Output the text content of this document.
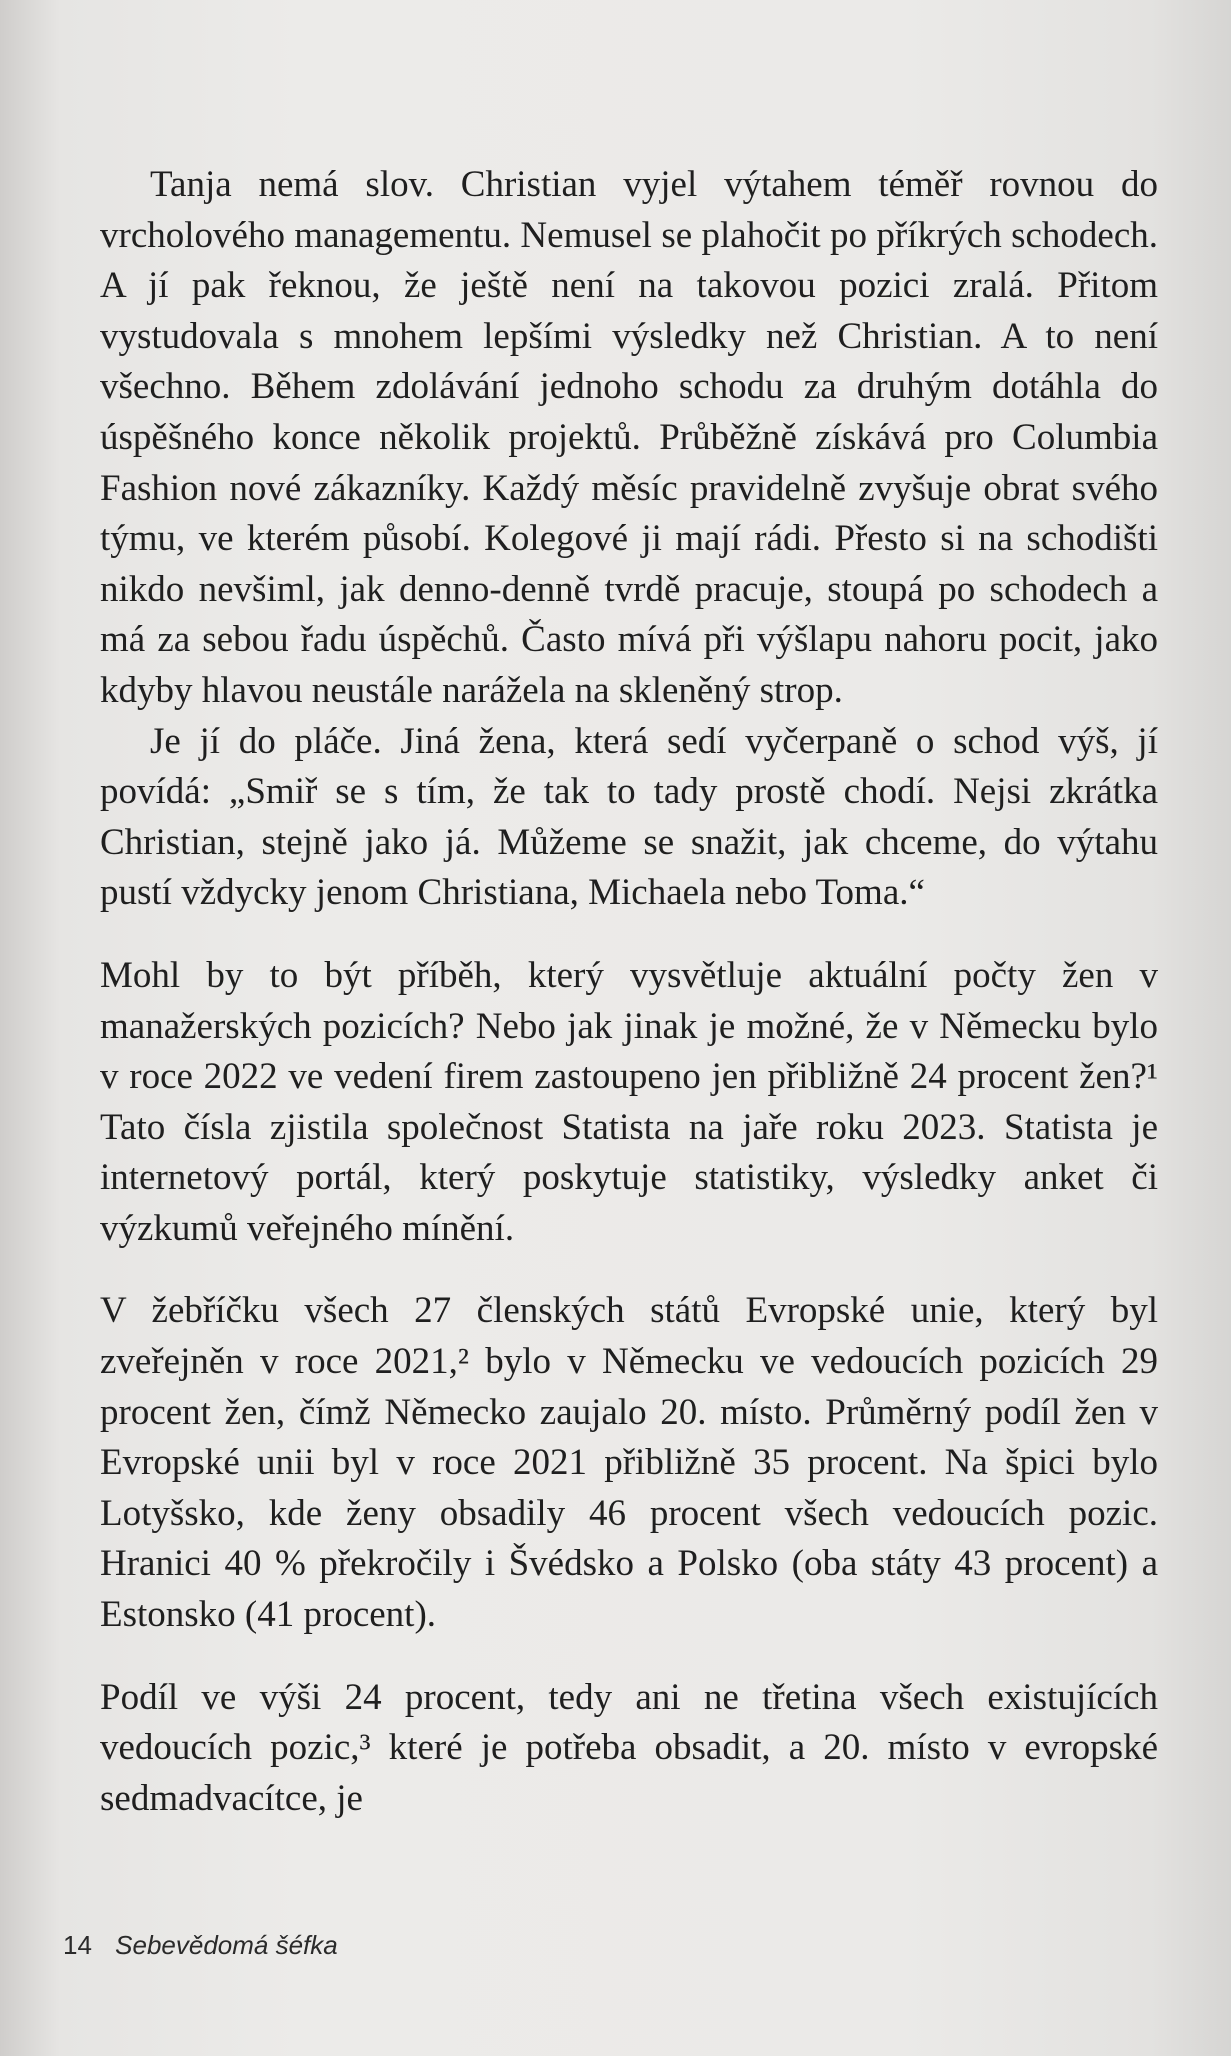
Tanja nemá slov. Christian vyjel výtahem téměř rovnou do vrcholového managementu. Nemusel se plahočit po příkrých schodech. A jí pak řeknou, že ještě není na takovou pozici zralá. Přitom vystudovala s mnohem lepšími výsledky než Christian. A to není všechno. Během zdolávání jednoho schodu za druhým dotáhla do úspěšného konce několik projektů. Průběžně získává pro Columbia Fashion nové zákazníky. Každý měsíc pravidelně zvyšuje obrat svého týmu, ve kterém působí. Kolegové ji mají rádi. Přesto si na schodišti nikdo nevšiml, jak denno-denně tvrdě pracuje, stoupá po schodech a má za sebou řadu úspěchů. Často mívá při výšlapu nahoru pocit, jako kdyby hlavou neustále narážela na skleněný strop.

Je jí do pláče. Jiná žena, která sedí vyčerpaně o schod výš, jí povídá: „Smiř se s tím, že tak to tady prostě chodí. Nejsi zkrátka Christian, stejně jako já. Můžeme se snažit, jak chceme, do výtahu pustí vždycky jenom Christiana, Michaela nebo Toma.“

Mohl by to být příběh, který vysvětluje aktuální počty žen v manažerských pozicích? Nebo jak jinak je možné, že v Německu bylo v roce 2022 ve vedení firem zastoupeno jen přibližně 24 procent žen?¹ Tato čísla zjistila společnost Statista na jaře roku 2023. Statista je internetový portál, který poskytuje statistiky, výsledky anket či výzkumů veřejného mínění.

V žebříčku všech 27 členských států Evropské unie, který byl zveřejněn v roce 2021,² bylo v Německu ve vedoucích pozicích 29 procent žen, čímž Německo zaujalo 20. místo. Průměrný podíl žen v Evropské unii byl v roce 2021 přibližně 35 procent. Na špici bylo Lotyšsko, kde ženy obsadily 46 procent všech vedoucích pozic. Hranici 40 % překročily i Švédsko a Polsko (oba státy 43 procent) a Estonsko (41 procent).

Podíl ve výši 24 procent, tedy ani ne třetina všech existujících vedoucích pozic,³ které je potřeba obsadit, a 20. místo v evropské sedmadvacítce, je

14 Sebevědomá šéfka
